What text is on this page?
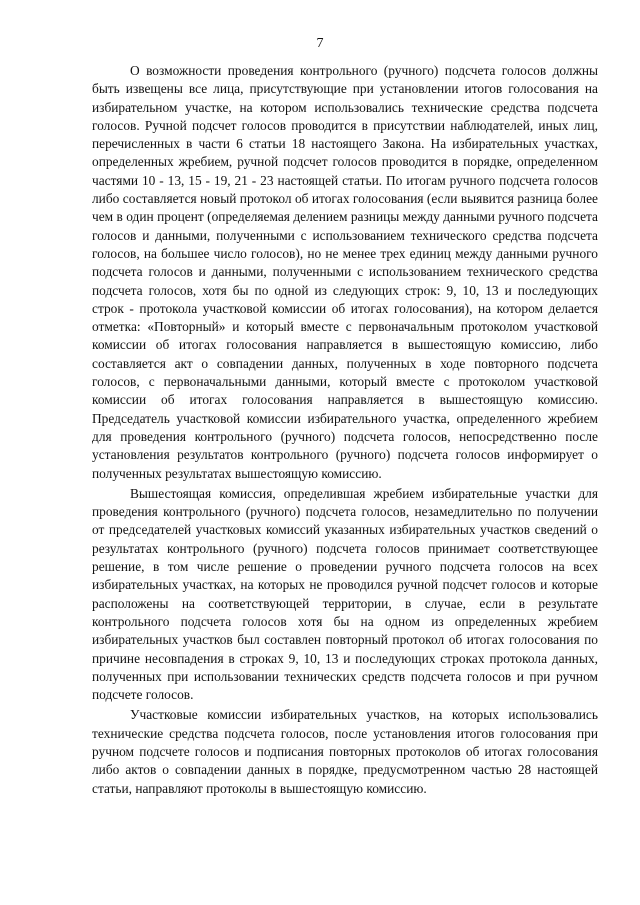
7

О возможности проведения контрольного (ручного) подсчета голосов должны быть извещены все лица, присутствующие при установлении итогов голосования на избирательном участке, на котором использовались технические средства подсчета голосов. Ручной подсчет голосов проводится в присутствии наблюдателей, иных лиц, перечисленных в части 6 статьи 18 настоящего Закона. На избирательных участках, определенных жребием, ручной подсчет голосов проводится в порядке, определенном частями 10 - 13, 15 - 19, 21 - 23 настоящей статьи. По итогам ручного подсчета голосов либо составляется новый протокол об итогах голосования (если выявится разница более чем в один процент (определяемая делением разницы между данными ручного подсчета голосов и данными, полученными с использованием технического средства подсчета голосов, на большее число голосов), но не менее трех единиц между данными ручного подсчета голосов и данными, полученными с использованием технического средства подсчета голосов, хотя бы по одной из следующих строк: 9, 10, 13 и последующих строк - протокола участковой комиссии об итогах голосования), на котором делается отметка: «Повторный» и который вместе с первоначальным протоколом участковой комиссии об итогах голосования направляется в вышестоящую комиссию, либо составляется акт о совпадении данных, полученных в ходе повторного подсчета голосов, с первоначальными данными, который вместе с протоколом участковой комиссии об итогах голосования направляется в вышестоящую комиссию. Председатель участковой комиссии избирательного участка, определенного жребием для проведения контрольного (ручного) подсчета голосов, непосредственно после установления результатов контрольного (ручного) подсчета голосов информирует о полученных результатах вышестоящую комиссию.

Вышестоящая комиссия, определившая жребием избирательные участки для проведения контрольного (ручного) подсчета голосов, незамедлительно по получении от председателей участковых комиссий указанных избирательных участков сведений о результатах контрольного (ручного) подсчета голосов принимает соответствующее решение, в том числе решение о проведении ручного подсчета голосов на всех избирательных участках, на которых не проводился ручной подсчет голосов и которые расположены на соответствующей территории, в случае, если в результате контрольного подсчета голосов хотя бы на одном из определенных жребием избирательных участков был составлен повторный протокол об итогах голосования по причине несовпадения в строках 9, 10, 13 и последующих строках протокола данных, полученных при использовании технических средств подсчета голосов и при ручном подсчете голосов.

Участковые комиссии избирательных участков, на которых использовались технические средства подсчета голосов, после установления итогов голосования при ручном подсчете голосов и подписания повторных протоколов об итогах голосования либо актов о совпадении данных в порядке, предусмотренном частью 28 настоящей статьи, направляют протоколы в вышестоящую комиссию.
